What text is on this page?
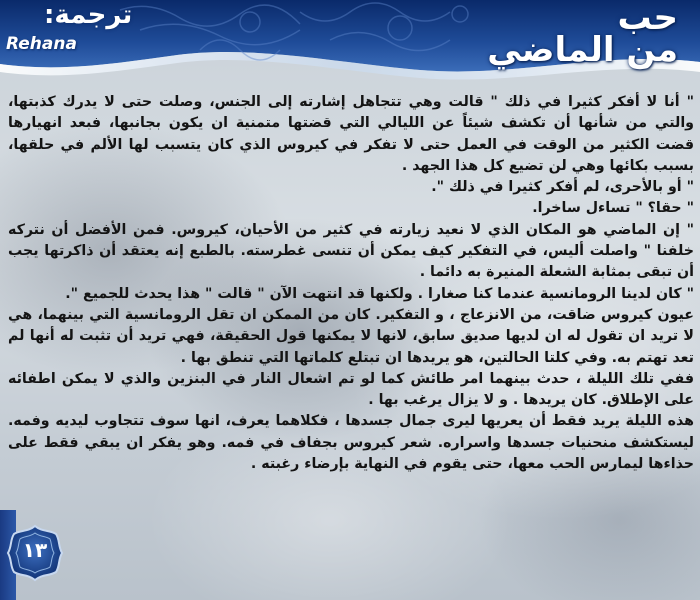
حب
من الماضي
ترجمة:
Rehana

" أنا لا أفكر كثيرا في ذلك " قالت وهي تتجاهل إشارته إلى الجنس، وصلت حتى لا يدرك كذبتها، والتي من شأنها أن تكشف شيئاً عن الليالي التي قضتها متمنية ان يكون بجانبها، فبعد انهيارها قضت الكثير من الوقت في العمل حتى لا تفكر في كيروس الذي كان يتسبب لها الألم في حلقها، بسبب بكائها وهي لن تضيع كل هذا الجهد .

" أو بالأحرى، لم أفكر كثيرا في ذلك ".

" حقا؟ " تساءل ساخرا.

" إن الماضي هو المكان الذي لا نعيد زيارته في كثير من الأحيان، كيروس. فمن الأفضل أن نتركه خلفنا " واصلت أليس، في التفكير كيف يمكن أن تنسى غطرسته. بالطبع إنه يعتقد أن ذاكرتها يجب أن تبقى بمثابة الشعلة المنيرة به دائما .

" كان لدينا الرومانسية عندما كنا صغارا . ولكنها قد انتهت الآن " قالت " هذا يحدث للجميع ".

عيون كيروس ضاقت، من الانزعاج ، و التفكير. كان من الممكن ان تقل الرومانسية التي بينهما، هي لا تريد ان تقول له ان لديها صديق سابق، لانها لا يمكنها قول الحقيقة، فهي تريد أن تثبت له أنها لم تعد تهتم به. وفي كلتا الحالتين، هو يريدها ان تبتلع كلماتها التي تنطق بها .

ففي تلك الليلة ، حدث بينهما امر طائش كما لو تم اشعال النار في البنزين والذي لا يمكن اطفائه على الإطلاق. كان يريدها . و لا يزال يرغب بها .

هذه الليلة يريد فقط أن يعريها ليرى جمال جسدها ، فكلاهما يعرف، انها سوف تتجاوب ليديه وفمه. ليستكشف منحنيات جسدها واسراره. شعر كيروس بجفاف في فمه. وهو يفكر ان يبقي فقط على حذاءها ليمارس الحب معها، حتى يقوم في النهاية بإرضاء رغبته .

١٣
